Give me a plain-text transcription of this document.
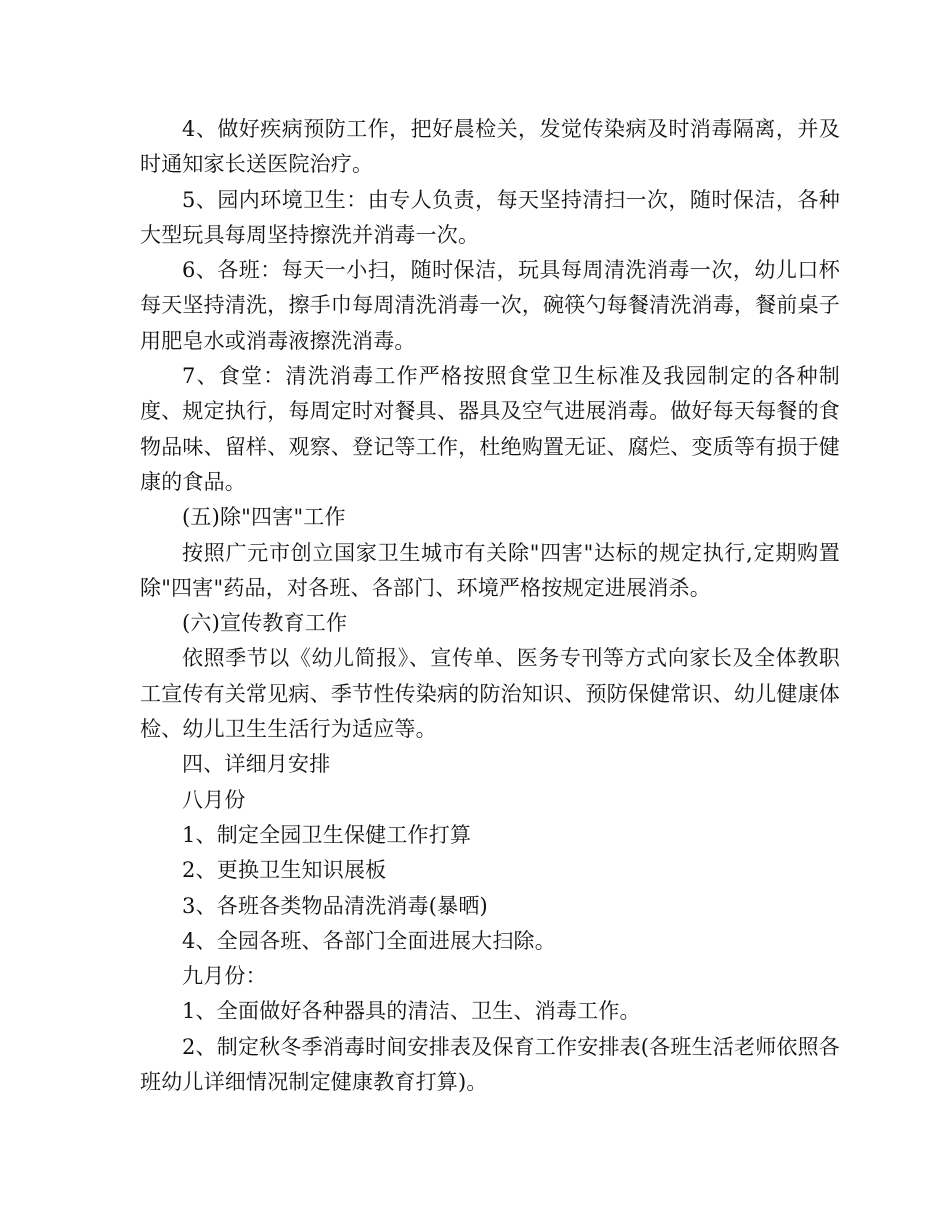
4、做好疾病预防工作，把好晨检关，发觉传染病及时消毒隔离，并及时通知家长送医院治疗。

5、园内环境卫生：由专人负责，每天坚持清扫一次，随时保洁，各种大型玩具每周坚持擦洗并消毒一次。

6、各班：每天一小扫，随时保洁，玩具每周清洗消毒一次，幼儿口杯每天坚持清洗，擦手巾每周清洗消毒一次，碗筷勺每餐清洗消毒，餐前桌子用肥皂水或消毒液擦洗消毒。

7、食堂：清洗消毒工作严格按照食堂卫生标准及我园制定的各种制度、规定执行，每周定时对餐具、器具及空气进展消毒。做好每天每餐的食物品味、留样、观察、登记等工作，杜绝购置无证、腐烂、变质等有损于健康的食品。

(五)除"四害"工作

按照广元市创立国家卫生城市有关除"四害"达标的规定执行,定期购置除"四害"药品，对各班、各部门、环境严格按规定进展消杀。

(六)宣传教育工作

依照季节以《幼儿简报》、宣传单、医务专刊等方式向家长及全体教职工宣传有关常见病、季节性传染病的防治知识、预防保健常识、幼儿健康体检、幼儿卫生生活行为适应等。

四、详细月安排

八月份

1、制定全园卫生保健工作打算

2、更换卫生知识展板

3、各班各类物品清洗消毒(暴晒)

4、全园各班、各部门全面进展大扫除。

九月份：

1、全面做好各种器具的清洁、卫生、消毒工作。

2、制定秋冬季消毒时间安排表及保育工作安排表(各班生活老师依照各班幼儿详细情况制定健康教育打算)。
